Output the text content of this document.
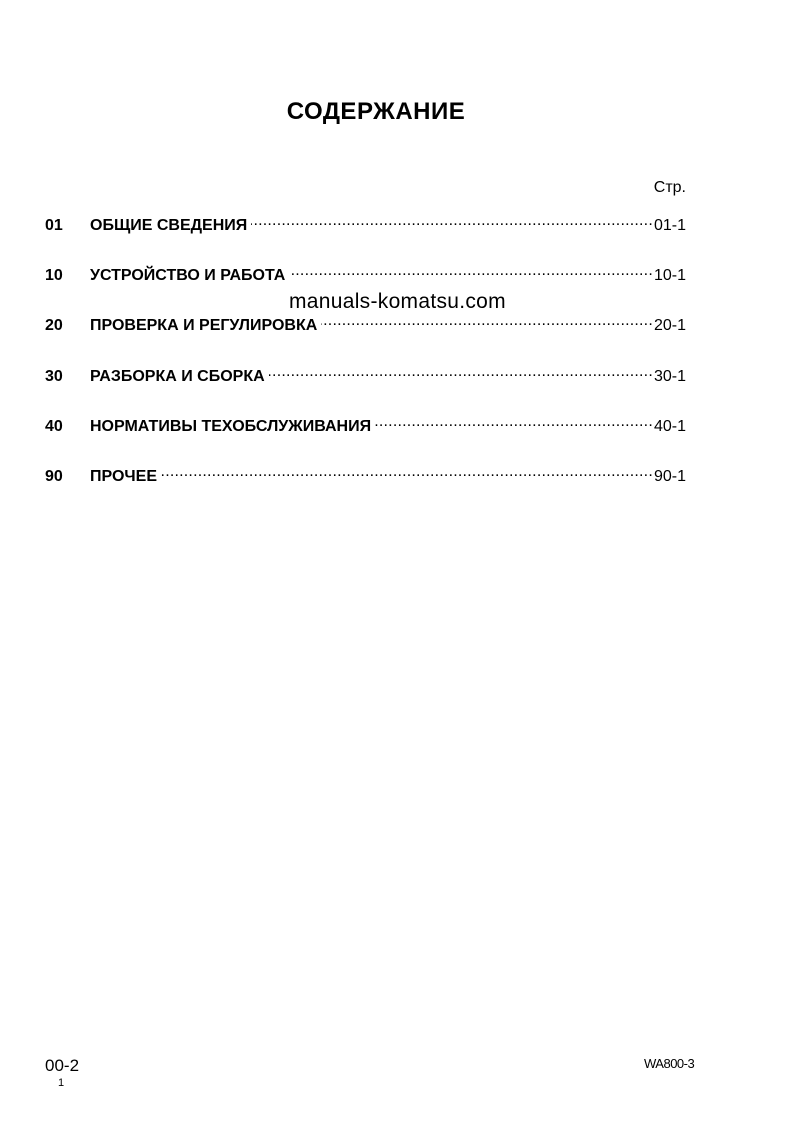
СОДЕРЖАНИЕ
Стр.
01	ОБЩИЕ СВЕДЕНИЯ .....	01-1
10	УСТРОЙСТВО И РАБОТА .....	10-1
20	ПРОВЕРКА И РЕГУЛИРОВКА .....	20-1
30	РАЗБОРКА И СБОРКА .....	30-1
40	НОРМАТИВЫ ТЕХОБСЛУЖИВАНИЯ .....	40-1
90	ПРОЧЕЕ .....	90-1
manuals-komatsu.com
00-2
1
WA800-3
